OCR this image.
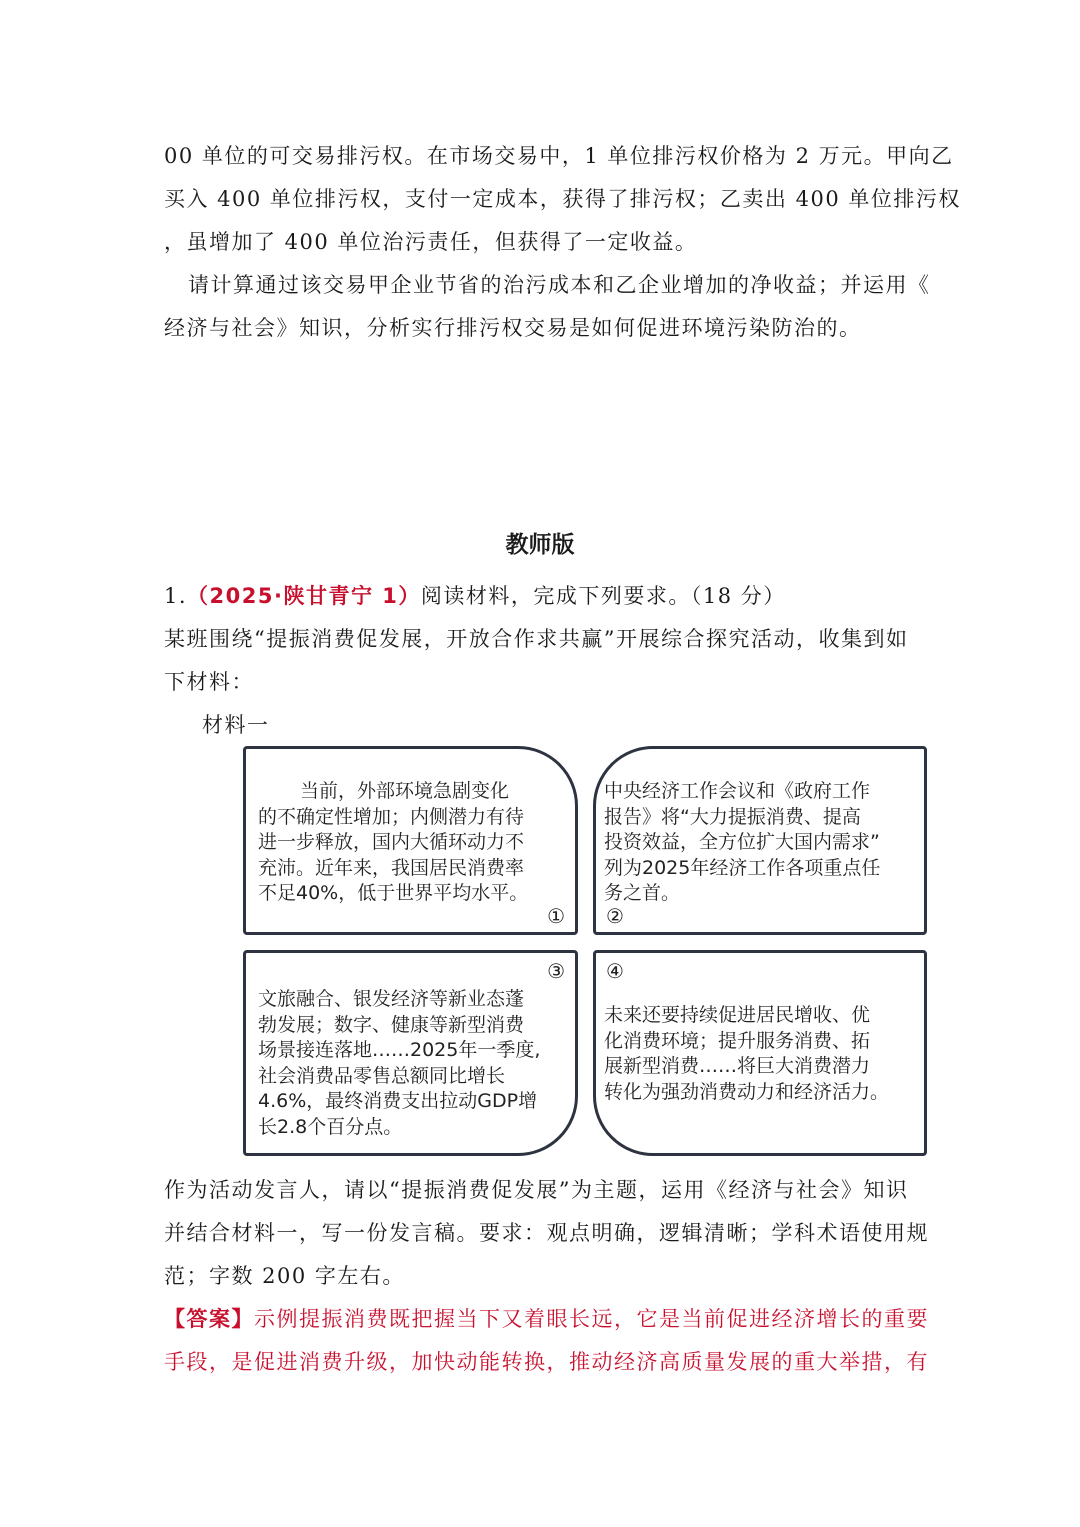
00 单位的可交易排污权。在市场交易中，1 单位排污权价格为 2 万元。甲向乙
买入 400 单位排污权，支付一定成本，获得了排污权；乙卖出 400 单位排污权
，虽增加了 400 单位治污责任，但获得了一定收益。
请计算通过该交易甲企业节省的治污成本和乙企业增加的净收益；并运用《
经济与社会》知识，分析实行排污权交易是如何促进环境污染防治的。
教师版
1.（2025·陕甘青宁 1）阅读材料，完成下列要求。（18 分）
某班围绕“提振消费促发展，开放合作求共赢”开展综合探究活动，收集到如
下材料：
材料一
当前，外部环境急剧变化
的不确定性增加；内侧潜力有待
进一步释放，国内大循环动力不
充沛。近年来，我国居民消费率
不足40%，低于世界平均水平。
①
中央经济工作会议和《政府工作
报告》将“大力提振消费、提高
投资效益，全方位扩大国内需求”
列为2025年经济工作各项重点任
务之首。
②
③
文旅融合、银发经济等新业态蓬
勃发展；数字、健康等新型消费
场景接连落地……2025年一季度,
社会消费品零售总额同比增长
4.6%，最终消费支出拉动GDP增
长2.8个百分点。
④
未来还要持续促进居民增收、优
化消费环境；提升服务消费、拓
展新型消费……将巨大消费潜力
转化为强劲消费动力和经济活力。
作为活动发言人，请以“提振消费促发展”为主题，运用《经济与社会》知识
并结合材料一，写一份发言稿。要求：观点明确，逻辑清晰；学科术语使用规
范；字数 200 字左右。
【答案】示例提振消费既把握当下又着眼长远，它是当前促进经济增长的重要
手段，是促进消费升级，加快动能转换，推动经济高质量发展的重大举措，有
